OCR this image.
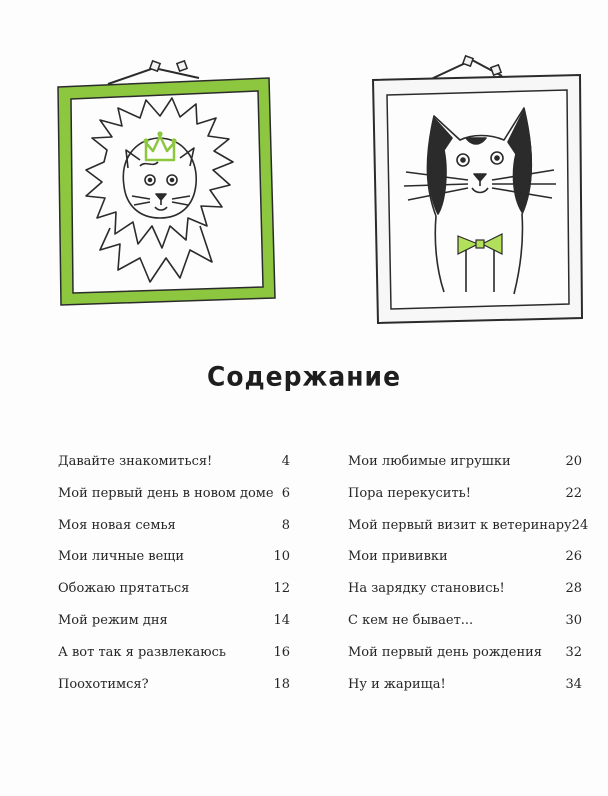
Содержание
Давайте знакомиться!	4
Мой первый день в новом доме 6
Моя новая семья	8
Мои личные вещи	10
Обожаю прятаться	12
Мой режим дня	14
А вот так я развлекаюсь	16
Поохотимся?	18
Мои любимые игрушки	20
Пора перекусить!	22
Мой первый визит к ветеринару 24
Мои прививки	26
На зарядку становись!	28
С кем не бывает...	30
Мой первый день рождения 32
Ну и жарища!	34
